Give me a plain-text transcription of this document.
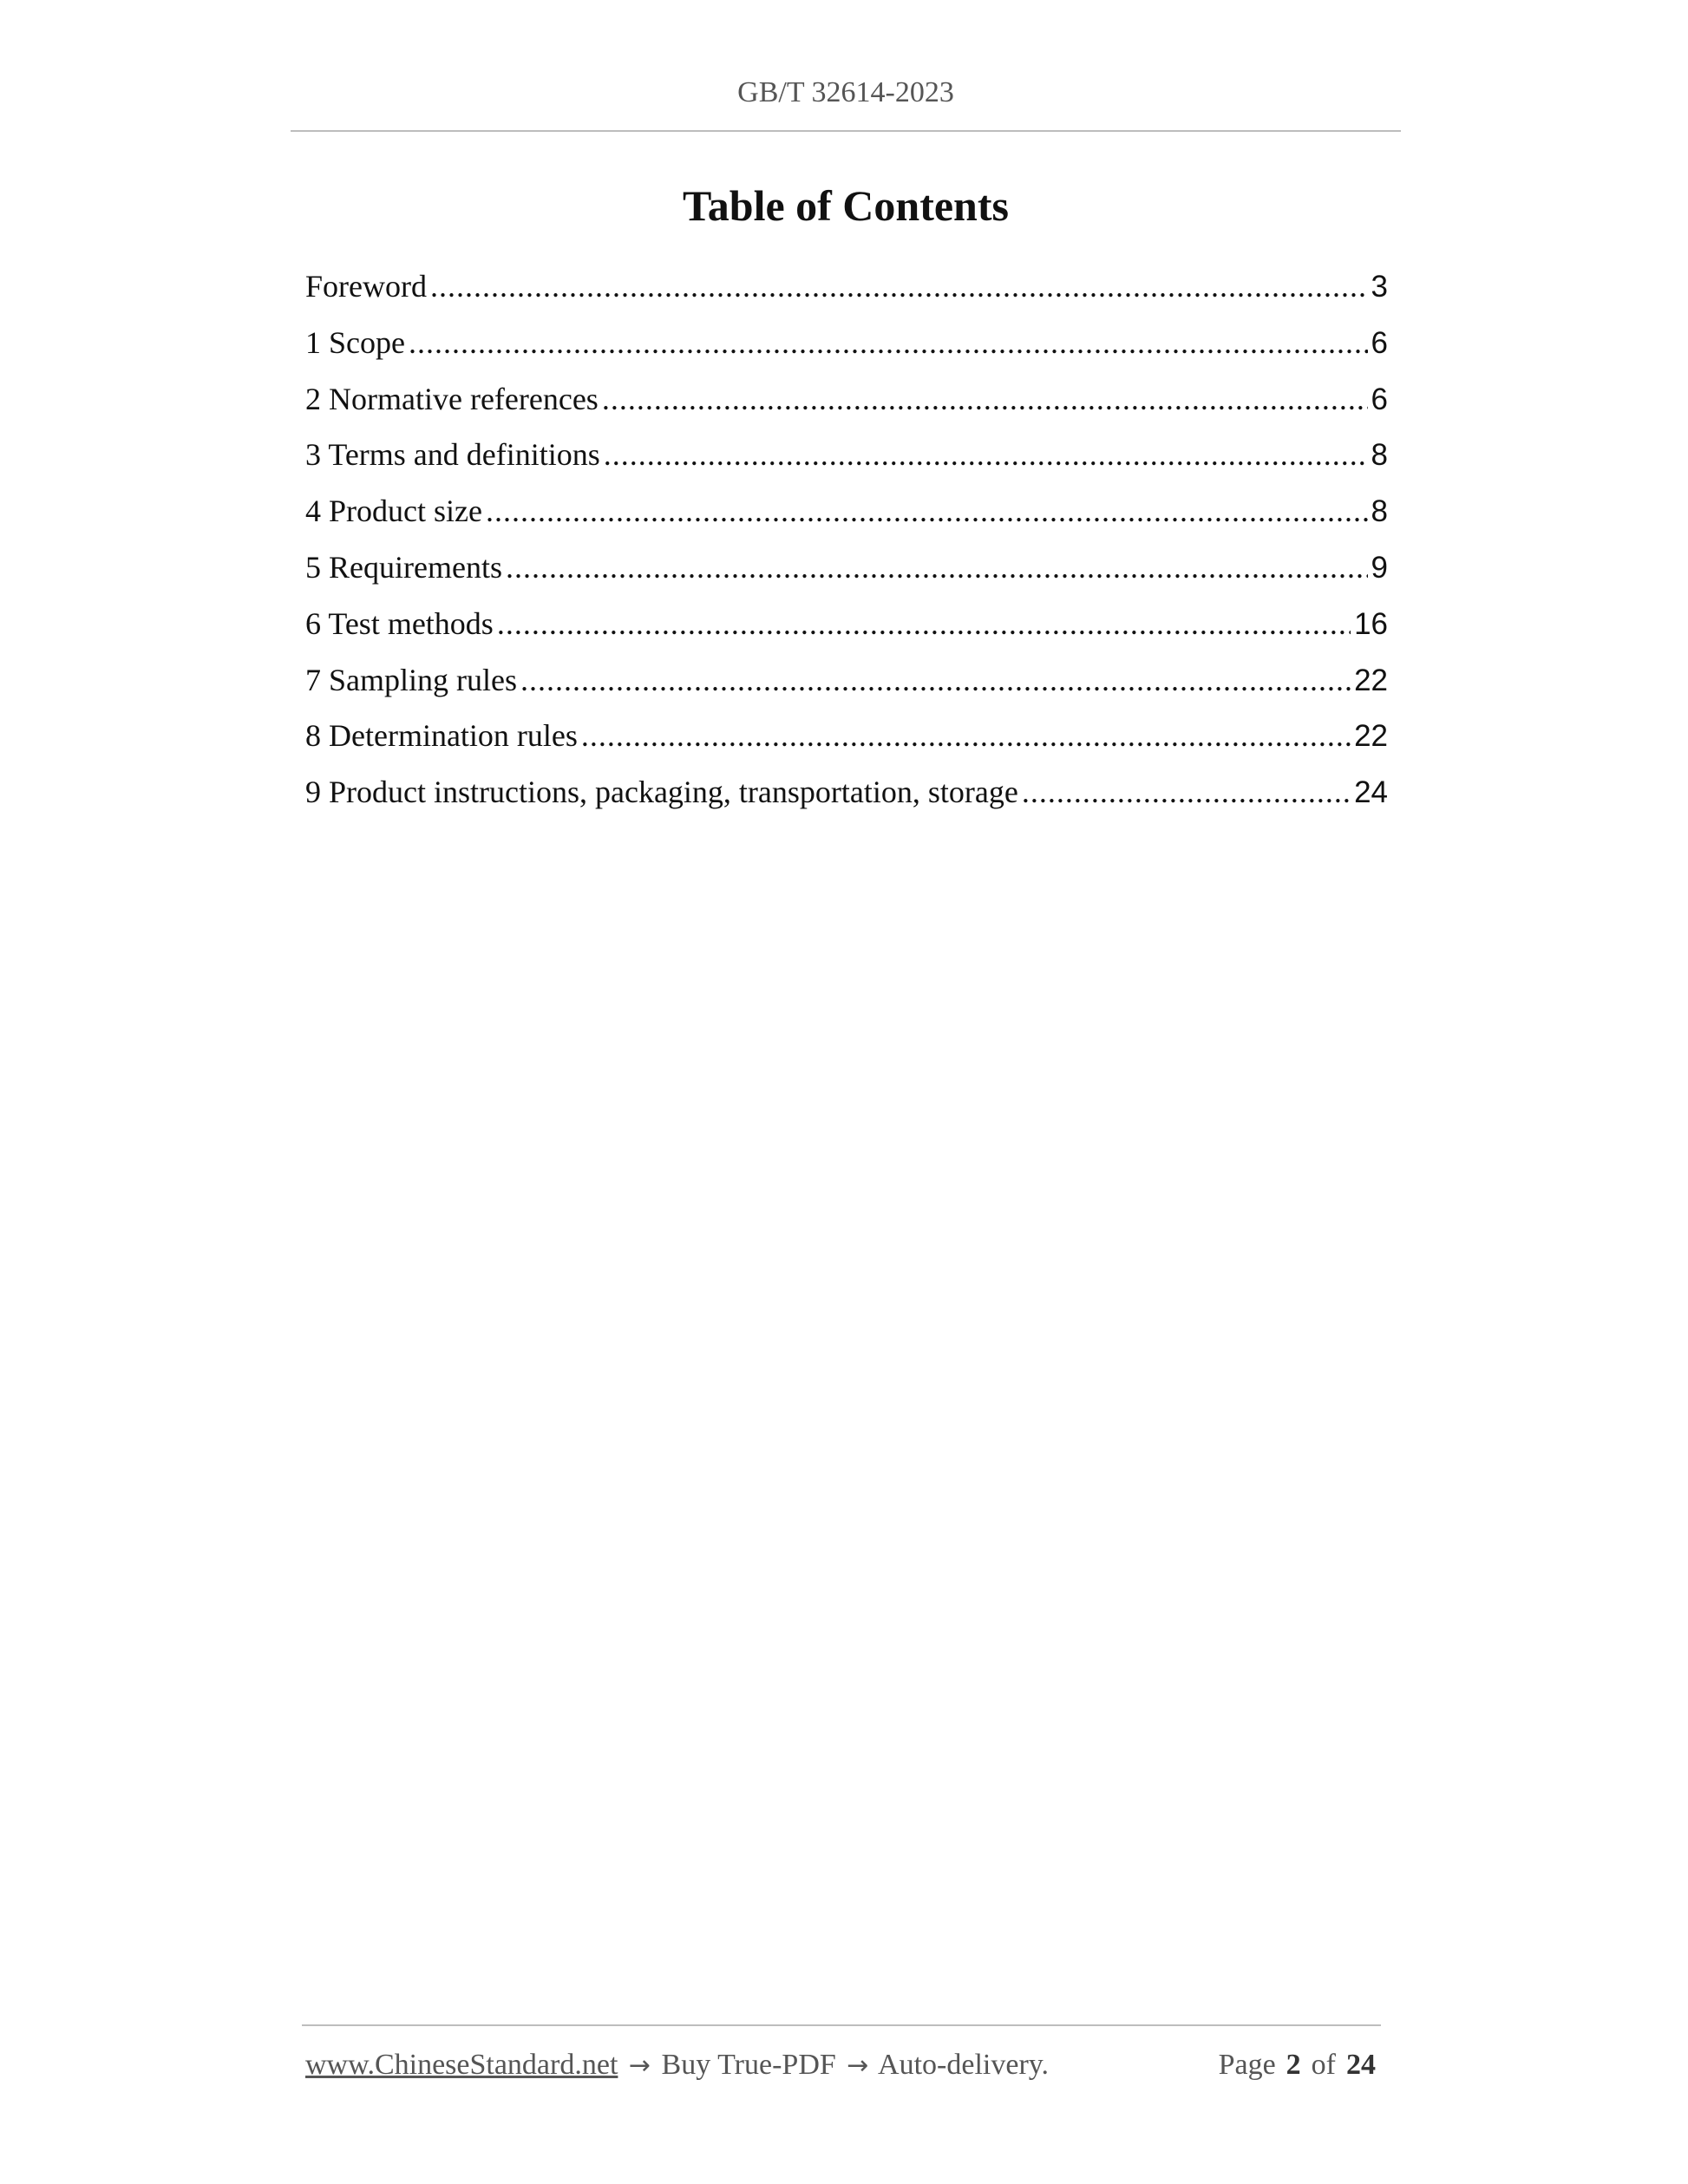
GB/T 32614-2023
Table of Contents
Foreword .....	3
1 Scope .....	6
2 Normative references .....	6
3 Terms and definitions .....	8
4 Product size .....	8
5 Requirements .....	9
6 Test methods .....	16
7 Sampling rules .....	22
8 Determination rules .....	22
9 Product instructions, packaging, transportation, storage .....	24
www.ChineseStandard.net → Buy True-PDF → Auto-delivery.	Page 2 of 24
